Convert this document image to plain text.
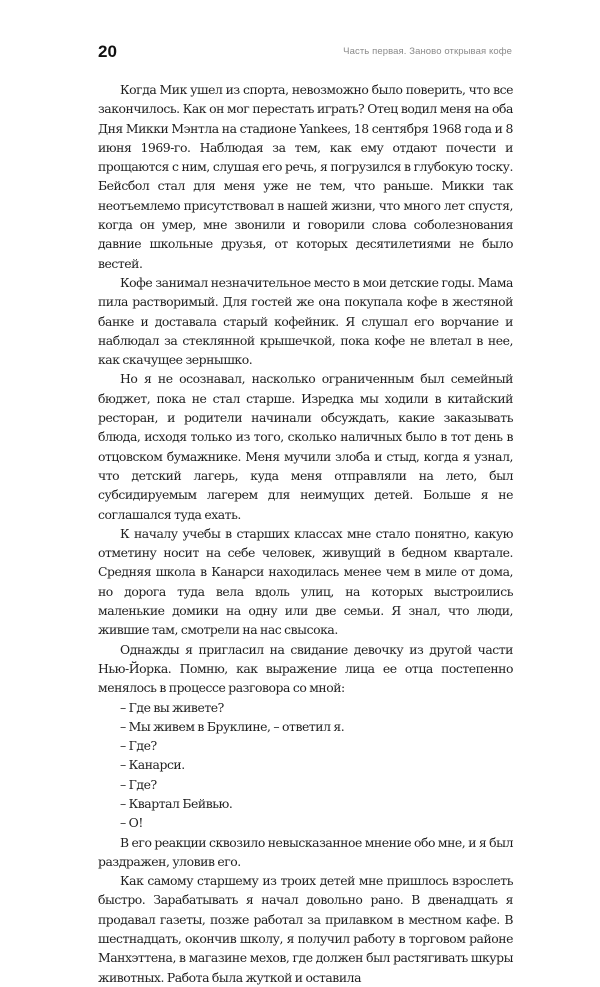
20	Часть первая. Заново открывая кофе

Когда Мик ушел из спорта, невозможно было поверить, что все закончилось. Как он мог перестать играть? Отец водил меня на оба Дня Микки Мэнтла на стадионе Yankees, 18 сентября 1968 года и 8 июня 1969-го. Наблюдая за тем, как ему отдают почести и прощаются с ним, слушая его речь, я погрузился в глубокую тоску. Бейсбол стал для меня уже не тем, что раньше. Микки так неотъемлемо присутствовал в нашей жизни, что много лет спустя, когда он умер, мне звонили и говорили слова соболезнования давние школьные друзья, от которых десятилетиями не было вестей.

Кофе занимал незначительное место в мои детские годы. Мама пила растворимый. Для гостей же она покупала кофе в жестяной банке и доставала старый кофейник. Я слушал его ворчание и наблюдал за стеклянной крышечкой, пока кофе не влетал в нее, как скачущее зернышко.

Но я не осознавал, насколько ограниченным был семейный бюджет, пока не стал старше. Изредка мы ходили в китайский ресторан, и родители начинали обсуждать, какие заказывать блюда, исходя только из того, сколько наличных было в тот день в отцовском бумажнике. Меня мучили злоба и стыд, когда я узнал, что детский лагерь, куда меня отправляли на лето, был субсидируемым лагерем для неимущих детей. Больше я не соглашался туда ехать.

К началу учебы в старших классах мне стало понятно, какую отметину носит на себе человек, живущий в бедном квартале. Средняя школа в Канарси находилась менее чем в миле от дома, но дорога туда вела вдоль улиц, на которых выстроились маленькие домики на одну или две семьи. Я знал, что люди, жившие там, смотрели на нас свысока.

Однажды я пригласил на свидание девочку из другой части Нью-Йорка. Помню, как выражение лица ее отца постепенно менялось в процессе разговора со мной:

– Где вы живете?

– Мы живем в Бруклине, – ответил я.

– Где?

– Канарси.

– Где?

– Квартал Бейвью.

– О!

В его реакции сквозило невысказанное мнение обо мне, и я был раздражен, уловив его.

Как самому старшему из троих детей мне пришлось взрослеть быстро. Зарабатывать я начал довольно рано. В двенадцать я продавал газеты, позже работал за прилавком в местном кафе. В шестнадцать, окончив школу, я получил работу в торговом районе Манхэттена, в магазине мехов, где должен был растягивать шкуры животных. Работа была жуткой и оставила
